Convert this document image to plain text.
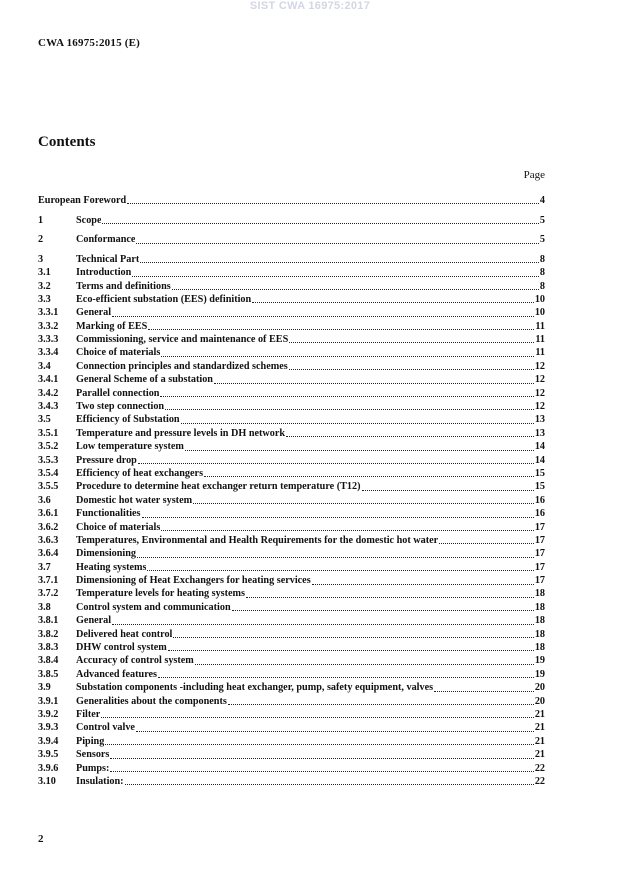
SIST CWA 16975:2017
CWA 16975:2015 (E)
Contents
Page
European Foreword	4
1	Scope	5
2	Conformance	5
3	Technical Part	8
3.1	Introduction	8
3.2	Terms and definitions	8
3.3	Eco-efficient substation (EES) definition	10
3.3.1	General	10
3.3.2	Marking of EES	11
3.3.3	Commissioning, service and maintenance of EES	11
3.3.4	Choice of materials	11
3.4	Connection principles and standardized schemes	12
3.4.1	General Scheme of a substation	12
3.4.2	Parallel connection	12
3.4.3	Two step connection	12
3.5	Efficiency of Substation	13
3.5.1	Temperature and pressure levels in DH network	13
3.5.2	Low temperature system	14
3.5.3	Pressure drop	14
3.5.4	Efficiency of heat exchangers	15
3.5.5	Procedure to determine heat exchanger return temperature (T12)	15
3.6	Domestic hot water system	16
3.6.1	Functionalities	16
3.6.2	Choice of materials	17
3.6.3	Temperatures, Environmental and Health Requirements for the domestic hot water	17
3.6.4	Dimensioning	17
3.7	Heating systems	17
3.7.1	Dimensioning of Heat Exchangers for heating services	17
3.7.2	Temperature levels for heating systems	18
3.8	Control system and communication	18
3.8.1	General	18
3.8.2	Delivered heat control	18
3.8.3	DHW control system	18
3.8.4	Accuracy of control system	19
3.8.5	Advanced features	19
3.9	Substation components -including heat exchanger, pump, safety equipment, valves	20
3.9.1	Generalities about the components	20
3.9.2	Filter	21
3.9.3	Control valve	21
3.9.4	Piping	21
3.9.5	Sensors	21
3.9.6	Pumps:	22
3.10	Insulation:	22
2
